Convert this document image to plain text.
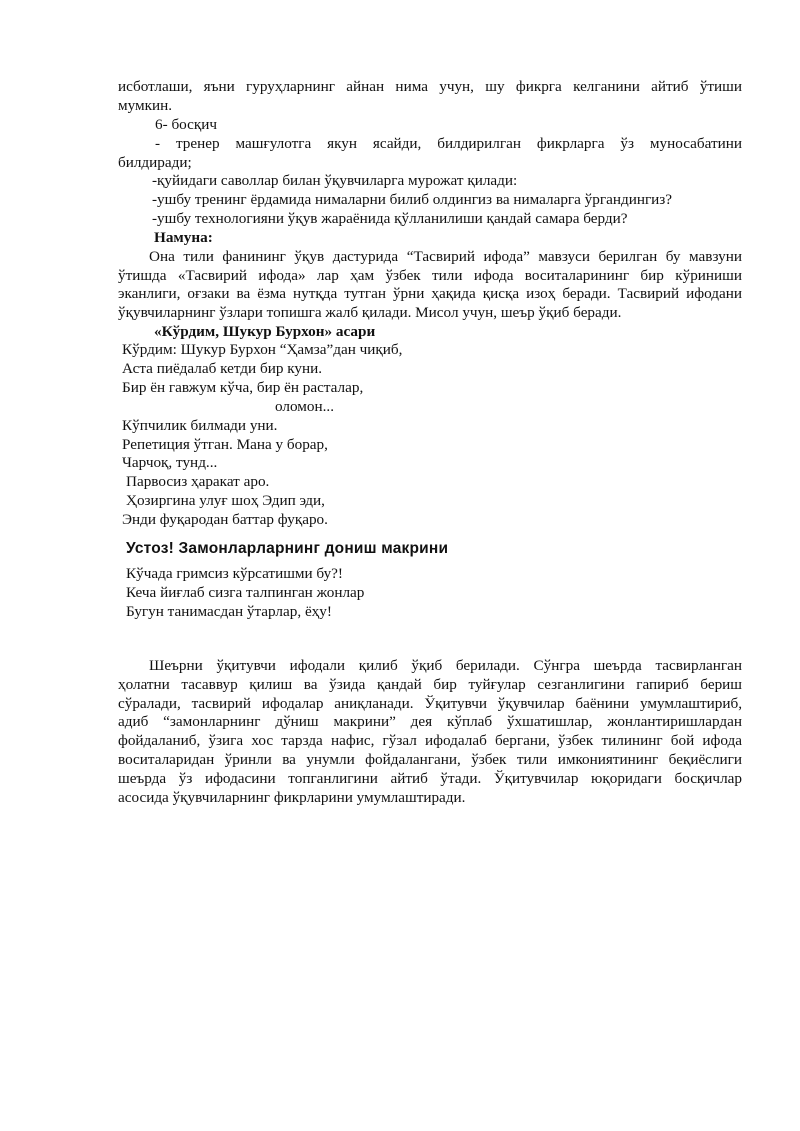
исботлаши, яъни гуруҳларнинг айнан нима учун, шу фикрга келганини айтиб ўтиши
мумкин.
6- босқич
- тренер машғулотга якун ясайди, билдирилган фикрларга ўз муносабатини
билдиради;
-қуйидаги саволлар билан ўқувчиларга мурожат қилади:
-ушбу тренинг ёрдамида нималарни билиб олдингиз ва нималарга ўргандингиз?
-ушбу технологияни ўқув жараёнида қўлланилиши қандай самара берди?
Намуна:
Она тили фанининг ўқув дастурида “Тасвирий ифода” мавзуси берилган бу мавзуни
ўтишда «Тасвирий ифода» лар ҳам ўзбек тили ифода воситаларининг бир кўриниши
эканлиги, оғзаки ва ёзма нутқда тутган ўрни ҳақида қисқа изоҳ беради. Тасвирий ифодани
ўқувчиларнинг ўзлари топишга жалб қилади. Мисол учун, шеър ўқиб беради.
«Кўрдим, Шукур Бурхон» асари
Кўрдим: Шукур Бурхон “Ҳамза”дан чиқиб,
Аста пиёдалаб кетди бир куни.
Бир ён гавжум кўча, бир ён расталар,
оломон...
Кўпчилик билмади уни.
Репетиция ўтган. Мана у борар,
Чарчоқ, тунд...
Парвосиз ҳаракат аро.
Ҳозиргина улуғ шоҳ Эдип эди,
Энди фуқародан баттар фуқаро.
Устоз! Замонларларнинг дoниш макрини
Кўчада гримсиз кўрсатишми бу?!
Кеча йиғлаб сизга талпинган жонлар
Бугун танимасдан ўтарлар, ёҳу!
Шеърни ўқитувчи ифодали қилиб ўқиб берилади. Сўнгра шеърда тасвирланган
ҳолатни тасаввур қилиш ва ўзида қандай бир туйғулар сезганлигини гапириб бериш
сўралади, тасвирий ифодалар аниқланади. Ўқитувчи ўқувчилар баёнини умумлаштириб,
адиб “замонларнинг дўниш макрини” дея кўплаб ўхшатишлар, жонлантиришлардан
фойдаланиб, ўзига хос тарзда нафис, гўзал ифодалаб бергани, ўзбек тилининг бой ифода
воситаларидан ўринли ва унумли фойдалангани, ўзбек тили имкониятининг беқиёслиги
шеърда ўз ифодасини топганлигини айтиб ўтади. Ўқитувчилар юқоридаги босқичлар
асосида ўқувчиларнинг фикрларини умумлаштиради.
